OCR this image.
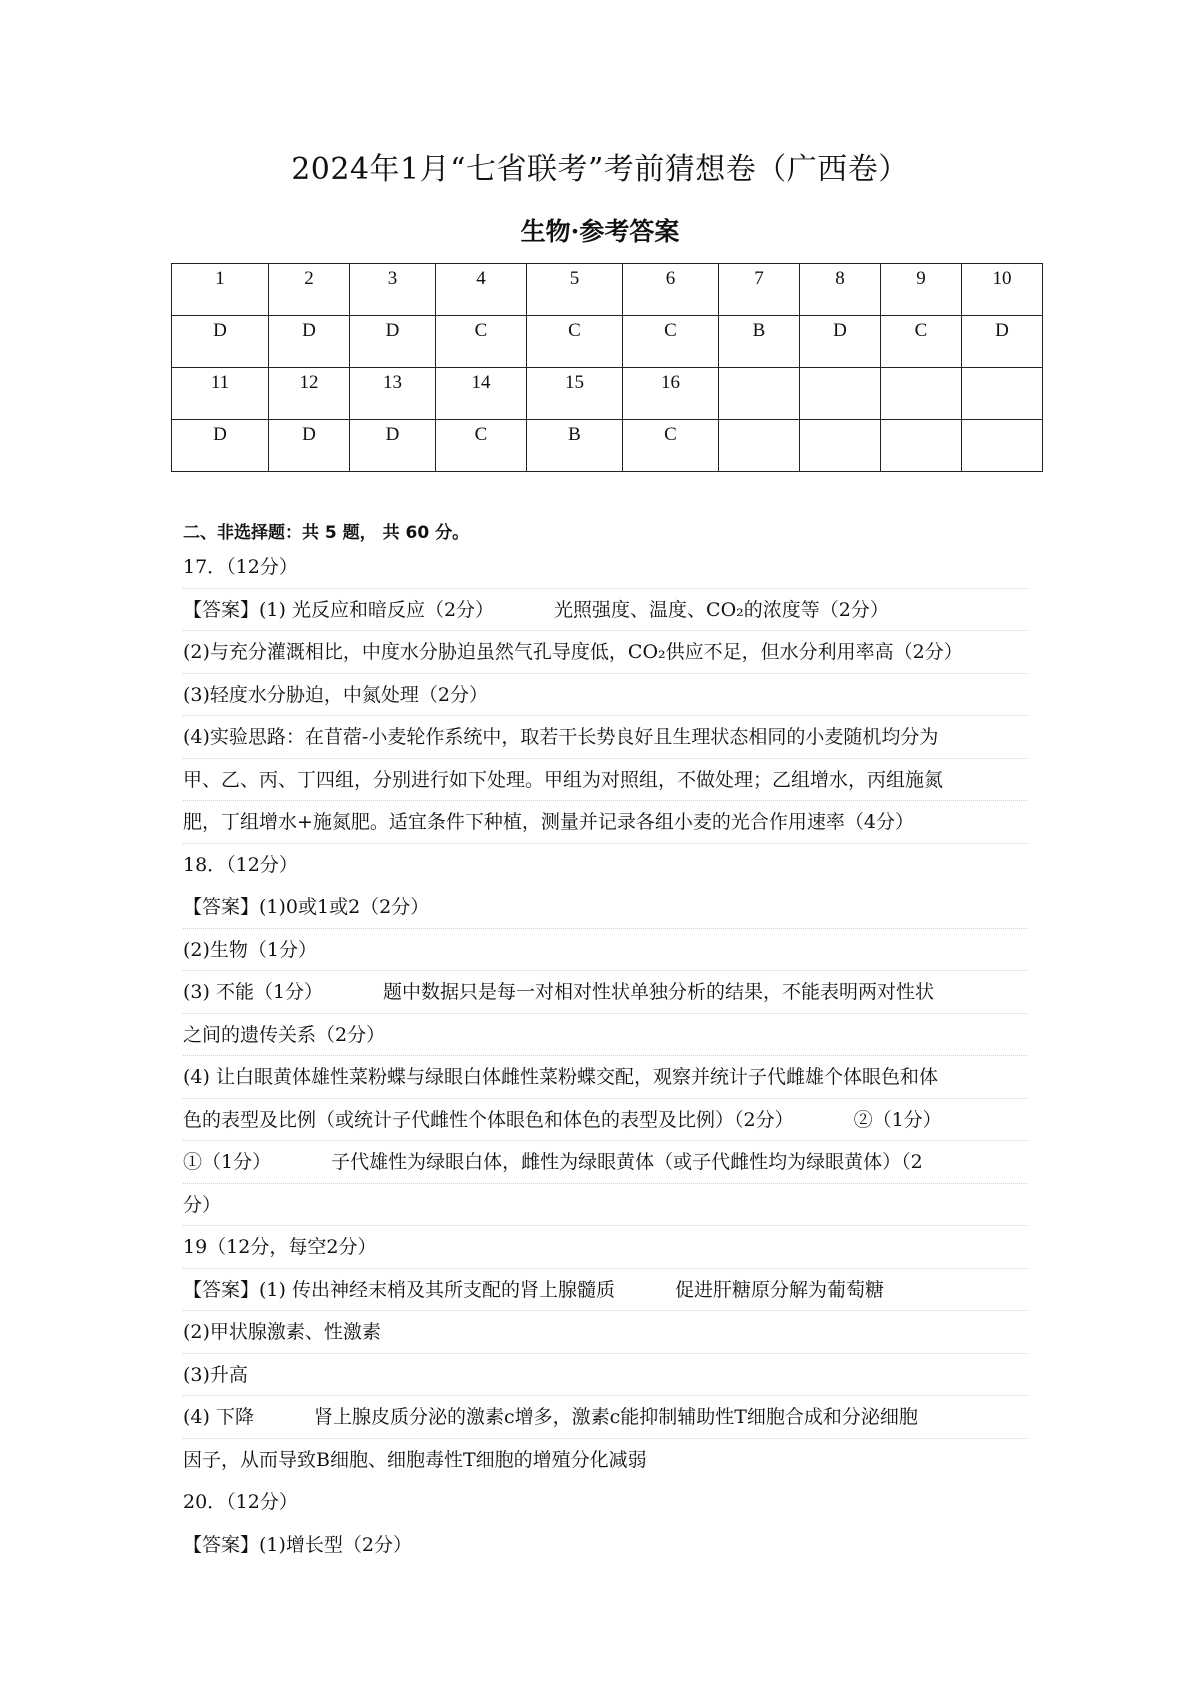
2024年1月“七省联考”考前猜想卷（广西卷）
生物·参考答案
1	2	3	4	5	6	7	8	9	10
D	D	D	C	C	C	B	D	C	D
11	12	13	14	15	16				
D	D	D	C	B	C				
二、非选择题：共 5 题， 共 60 分。
17．（12分）
【答案】(1) 光反应和暗反应（2分）	光照强度、温度、CO₂的浓度等（2分）
(2)与充分灌溉相比，中度水分胁迫虽然气孔导度低，CO₂供应不足，但水分利用率高（2分）
(3)轻度水分胁迫，中氮处理（2分）
(4)实验思路：在苜蓿-小麦轮作系统中，取若干长势良好且生理状态相同的小麦随机均分为
甲、乙、丙、丁四组，分别进行如下处理。甲组为对照组，不做处理；乙组增水，丙组施氮
肥，丁组增水+施氮肥。适宜条件下种植，测量并记录各组小麦的光合作用速率（4分）
18．（12分）
【答案】(1)0或1或2（2分）
(2)生物（1分）
(3) 不能（1分）	题中数据只是每一对相对性状单独分析的结果，不能表明两对性状
之间的遗传关系（2分）
(4) 让白眼黄体雄性菜粉蝶与绿眼白体雌性菜粉蝶交配，观察并统计子代雌雄个体眼色和体
色的表型及比例（或统计子代雌性个体眼色和体色的表型及比例）（2分）	②（1分）
①（1分）	子代雄性为绿眼白体，雌性为绿眼黄体（或子代雌性均为绿眼黄体）（2
分）
19（12分，每空2分）
【答案】(1) 传出神经末梢及其所支配的肾上腺髓质	促进肝糖原分解为葡萄糖
(2)甲状腺激素、性激素
(3)升高
(4) 下降	肾上腺皮质分泌的激素c增多，激素c能抑制辅助性T细胞合成和分泌细胞
因子，从而导致B细胞、细胞毒性T细胞的增殖分化减弱
20．（12分）
【答案】(1)增长型（2分）
